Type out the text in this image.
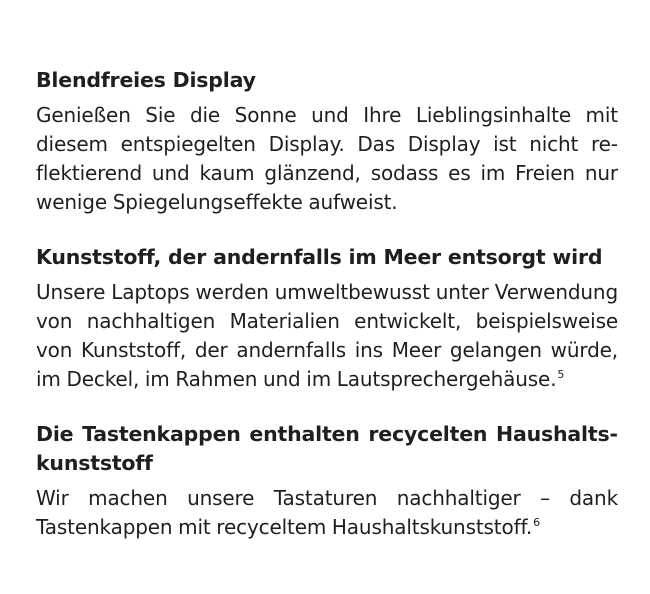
Blendfreies Display

Genießen Sie die Sonne und Ihre Lieblingsinhalte mit diesem entspiegelten Display. Das Display ist nicht reflektierend und kaum glänzend, sodass es im Freien nur wenige Spiegelungseffekte aufweist.

Kunststoff, der andernfalls im Meer entsorgt wird

Unsere Laptops werden umweltbewusst unter Verwendung von nachhaltigen Materialien entwickelt, beispielsweise von Kunststoff, der andernfalls ins Meer gelangen würde, im Deckel, im Rahmen und im Lautsprechergehäuse.$^5$

Die Tastenkappen enthalten recycelten Haushaltskunststoff

Wir machen unsere Tastaturen nachhaltiger – dank Tastenkappen mit recyceltem Haushaltskunststoff.$^6$
